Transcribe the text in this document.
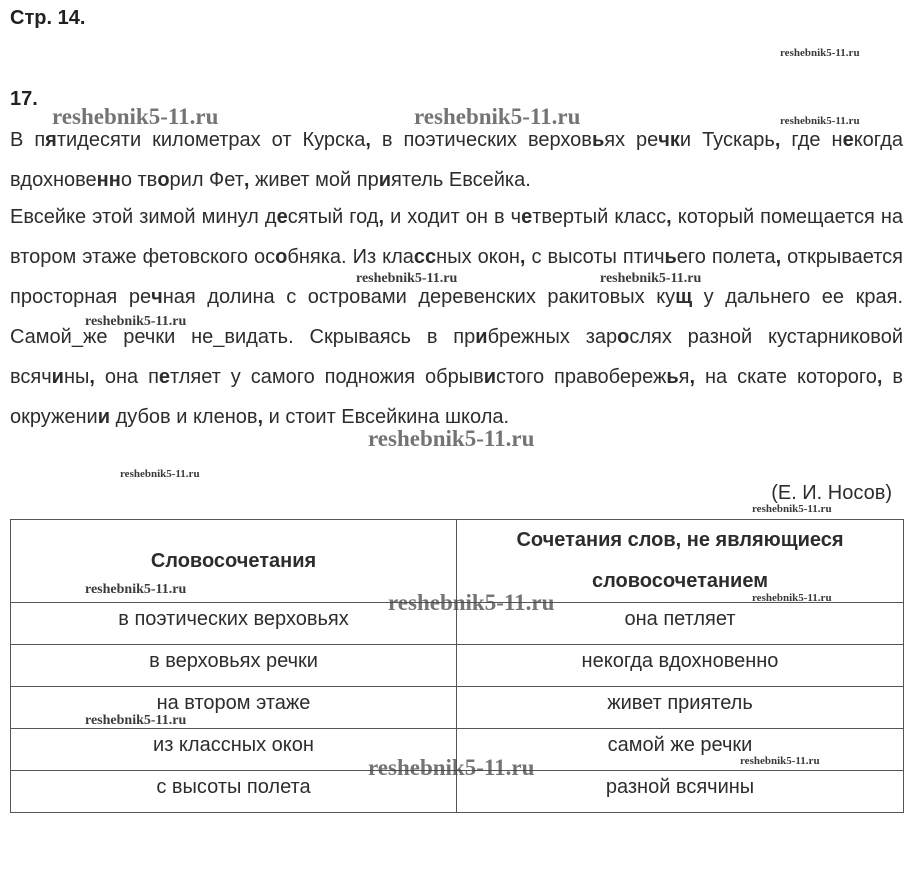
Стр. 14.
17.

В пятидесяти километрах от Курска, в поэтических верховьях речки Тускарь, где некогда вдохновенно творил Фет, живет мой приятель Евсейка.

Евсейке этой зимой минул десятый год, и ходит он в четвертый класс, который помещается на втором этаже фетовского особняка. Из классных окон, с высоты птичьего полета, открывается просторная речная долина с островами деревенских ракитовых кущ у дальнего ее края. Самой_же речки не_видать. Скрываясь в прибрежных зарослях разной кустарниковой всячины, она петляет у самого подножия обрывистого правобережья, на скате которого, в окружении дубов и кленов, и стоит Евсейкина школа.

(Е. И. Носов)
Словосочетания	Сочетания слов, не являющиеся словосочетанием
в поэтических верховьях	она петляет
в верховьях речки	некогда вдохновенно
на втором этаже	живет приятель
из классных окон	самой же речки
с высоты полета	разной всячины
reshebnik5-11.ru
reshebnik5-11.ru	reshebnik5-11.ru	reshebnik5-11.ru
reshebnik5-11.ru	reshebnik5-11.ru
reshebnik5-11.ru
reshebnik5-11.ru
reshebnik5-11.ru
reshebnik5-11.ru
reshebnik5-11.ru
reshebnik5-11.ru	reshebnik5-11.ru
reshebnik5-11.ru
reshebnik5-11.ru	reshebnik5-11.ru
